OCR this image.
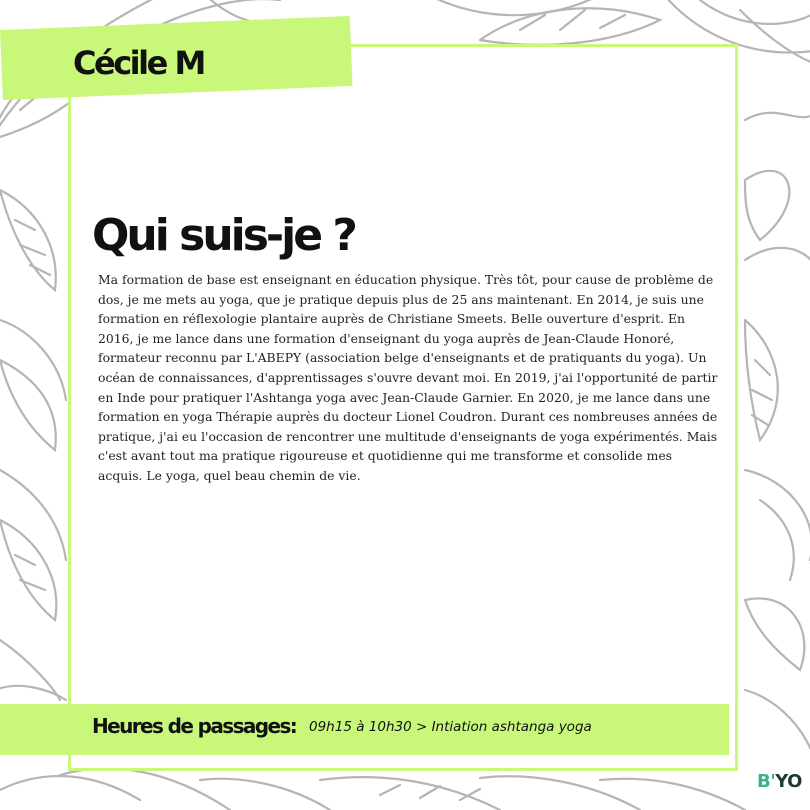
Cécile M
Qui suis-je ?

Ma formation de base est enseignant en éducation physique. Très tôt, pour cause de problème de dos, je me mets au yoga, que je pratique depuis plus de 25 ans maintenant. En 2014, je suis une formation en réflexologie plantaire auprès de Christiane Smeets. Belle ouverture d'esprit. En 2016, je me lance dans une formation d'enseignant du yoga auprès de Jean-Claude Honoré, formateur reconnu par L'ABEPY (association belge d'enseignants et de pratiquants du yoga). Un océan de connaissances, d'apprentissages s'ouvre devant moi. En 2019, j'ai l'opportunité de partir en Inde pour pratiquer l'Ashtanga yoga avec Jean-Claude Garnier. En 2020, je me lance dans une formation en yoga Thérapie auprès du docteur Lionel Coudron. Durant ces nombreuses années de pratique, j'ai eu l'occasion de rencontrer une multitude d'enseignants de yoga expérimentés. Mais c'est avant tout ma pratique rigoureuse et quotidienne qui me transforme et consolide mes acquis. Le yoga, quel beau chemin de vie.

Heures de passages: 09h15 à 10h30 > Intiation ashtanga yoga
B'YO
